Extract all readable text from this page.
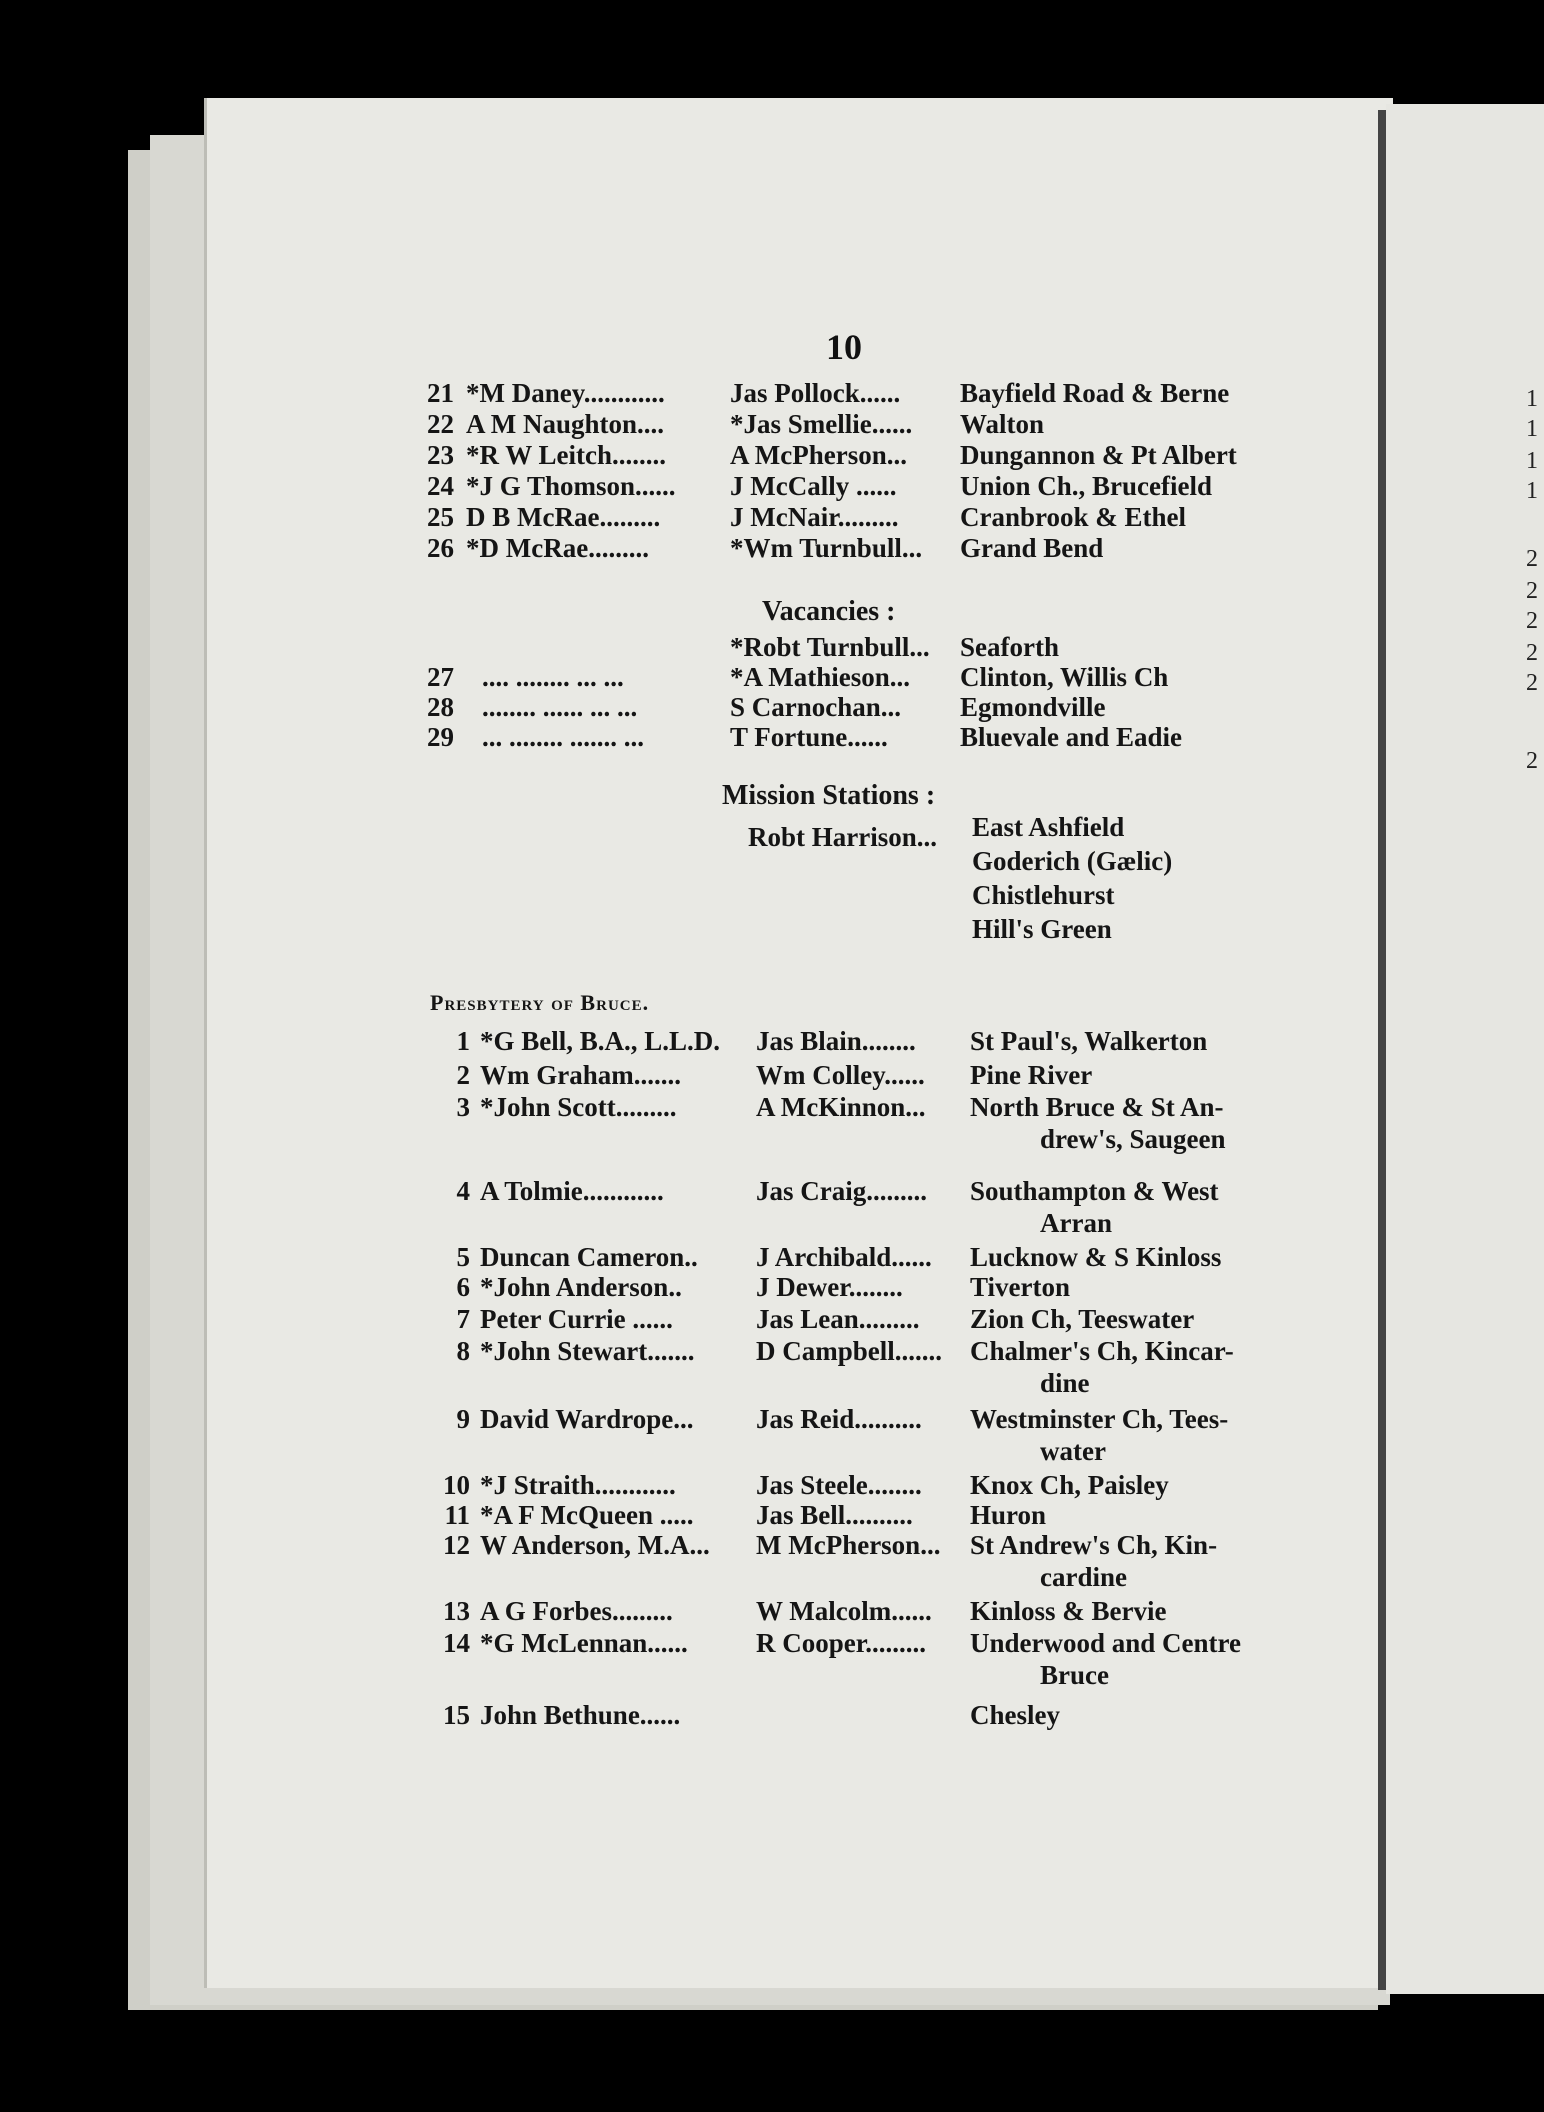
1
1
1
1
2
2
2
2
2
2
10
21 *M Daney............ Jas Pollock...... Bayfield Road & Berne
22 A M Naughton.... *Jas Smellie...... Walton
23 *R W Leitch........ A McPherson... Dungannon & Pt Albert
24 *J G Thomson...... J McCally ...... Union Ch., Brucefield
25 D B McRae.........	J McNair......... Cranbrook & Ethel
26 *D McRae.........	*Wm Turnbull... Grand Bend
Vacancies :
*Robt Turnbull... Seaforth
27 .... ........ ... ...	*A Mathieson... Clinton, Willis Ch
28 ........ ...... ... ...	S Carnochan... Egmondville
29 ... ........ ....... ...	T Fortune......	Bluevale and Eadie
Mission Stations :
Robt Harrison... East Ashfield
Goderich (Gælic)
Chistlehurst
Hill's Green
Presbytery of Bruce.
1 *G Bell, B.A., L.L.D. Jas Blain........ St Paul's, Walkerton
2 Wm Graham.......	Wm Colley...... Pine River
3 *John Scott.........	A McKinnon... North Bruce & St An-
drew's, Saugeen
4 A Tolmie............	Jas Craig......... Southampton & West
Arran
5 Duncan Cameron.. J Archibald...... Lucknow & S Kinloss
6 *John Anderson..	J Dewer........ Tiverton
7 Peter Currie ......	Jas Lean......... Zion Ch, Teeswater
8 *John Stewart....... D Campbell....... Chalmer's Ch, Kincar-
dine
9 David Wardrope... Jas Reid.......... Westminster Ch, Tees-
water
10 *J Straith............	Jas Steele........ Knox Ch, Paisley
11 *A F McQueen ..... Jas Bell.......... Huron
12 W Anderson, M.A... M McPherson... St Andrew's Ch, Kin-
cardine
13 A G Forbes.........	W Malcolm...... Kinloss & Bervie
14 *G McLennan......	R Cooper......... Underwood and Centre
Bruce
15 John Bethune......	Chesley
